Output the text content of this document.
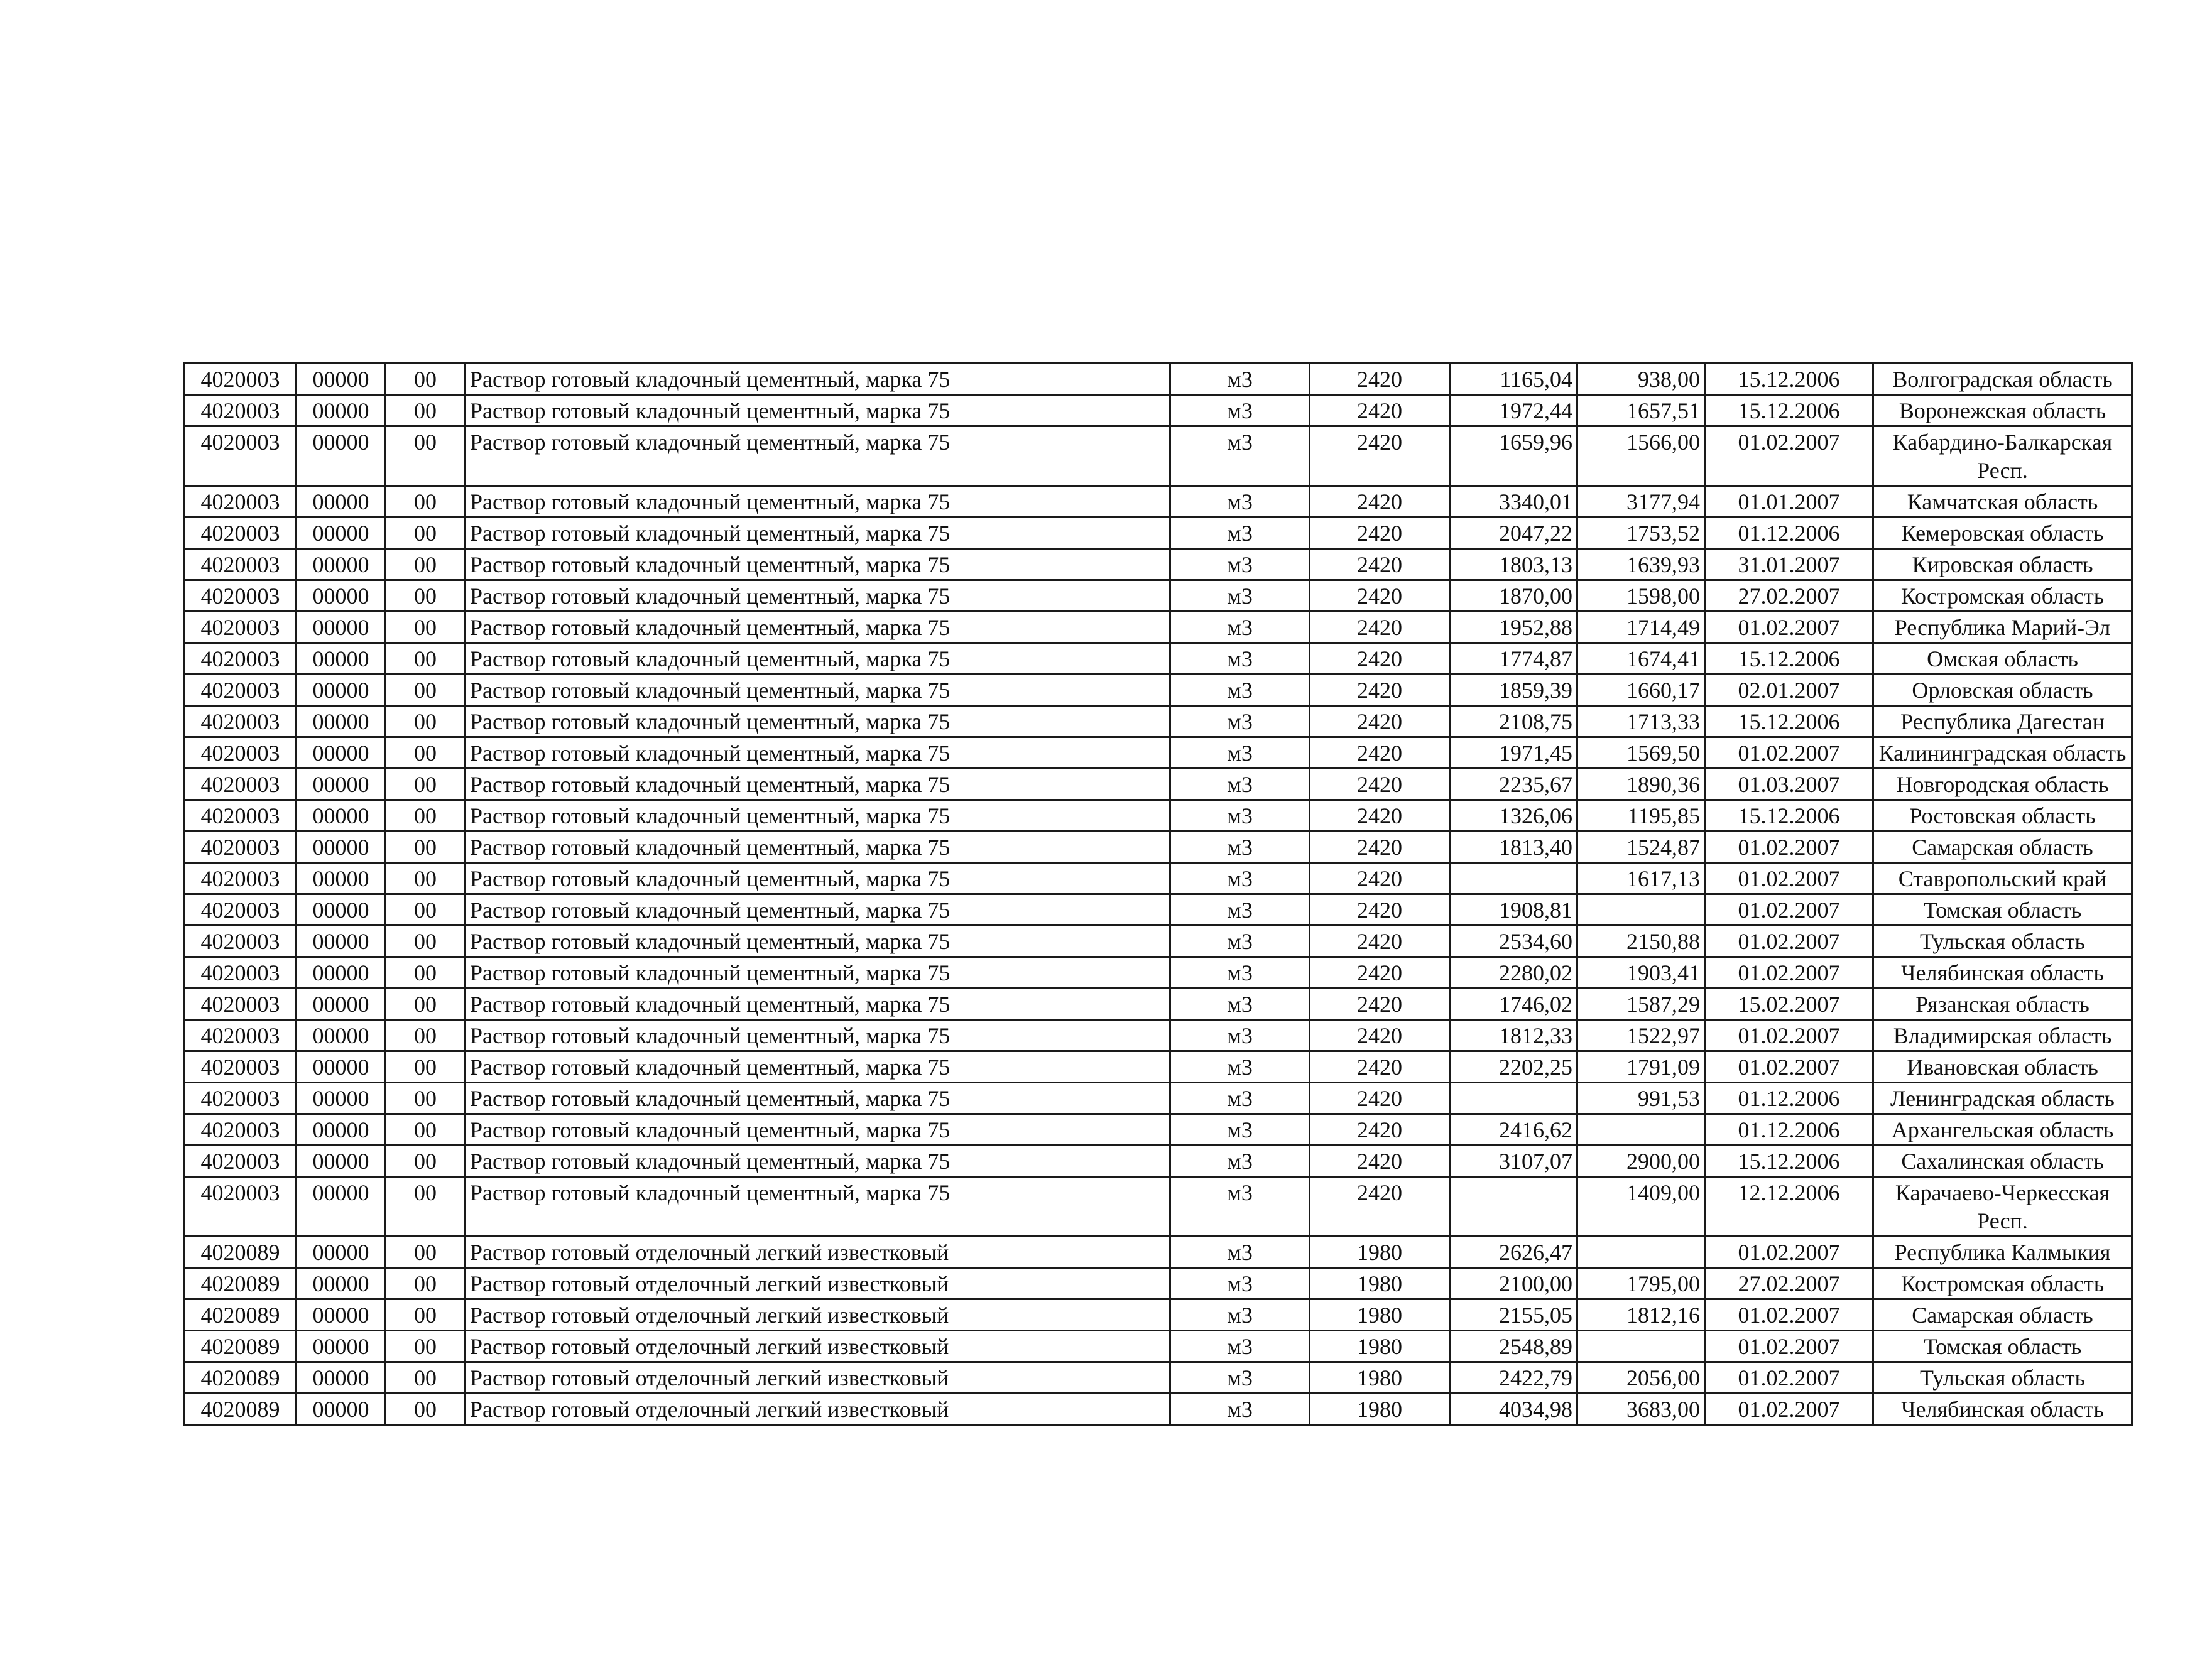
4020003	00000	00	Раствор готовый кладочный цементный, марка 75	м3	2420	1165,04	938,00	15.12.2006	Волгоградская область
4020003	00000	00	Раствор готовый кладочный цементный, марка 75	м3	2420	1972,44	1657,51	15.12.2006	Воронежская область
4020003	00000	00	Раствор готовый кладочный цементный, марка 75	м3	2420	1659,96	1566,00	01.02.2007	Кабардино-Балкарская Респ.
4020003	00000	00	Раствор готовый кладочный цементный, марка 75	м3	2420	3340,01	3177,94	01.01.2007	Камчатская область
4020003	00000	00	Раствор готовый кладочный цементный, марка 75	м3	2420	2047,22	1753,52	01.12.2006	Кемеровская область
4020003	00000	00	Раствор готовый кладочный цементный, марка 75	м3	2420	1803,13	1639,93	31.01.2007	Кировская область
4020003	00000	00	Раствор готовый кладочный цементный, марка 75	м3	2420	1870,00	1598,00	27.02.2007	Костромская область
4020003	00000	00	Раствор готовый кладочный цементный, марка 75	м3	2420	1952,88	1714,49	01.02.2007	Республика Марий-Эл
4020003	00000	00	Раствор готовый кладочный цементный, марка 75	м3	2420	1774,87	1674,41	15.12.2006	Омская область
4020003	00000	00	Раствор готовый кладочный цементный, марка 75	м3	2420	1859,39	1660,17	02.01.2007	Орловская область
4020003	00000	00	Раствор готовый кладочный цементный, марка 75	м3	2420	2108,75	1713,33	15.12.2006	Республика Дагестан
4020003	00000	00	Раствор готовый кладочный цементный, марка 75	м3	2420	1971,45	1569,50	01.02.2007	Калининградская область
4020003	00000	00	Раствор готовый кладочный цементный, марка 75	м3	2420	2235,67	1890,36	01.03.2007	Новгородская область
4020003	00000	00	Раствор готовый кладочный цементный, марка 75	м3	2420	1326,06	1195,85	15.12.2006	Ростовская область
4020003	00000	00	Раствор готовый кладочный цементный, марка 75	м3	2420	1813,40	1524,87	01.02.2007	Самарская область
4020003	00000	00	Раствор готовый кладочный цементный, марка 75	м3	2420		1617,13	01.02.2007	Ставропольский край
4020003	00000	00	Раствор готовый кладочный цементный, марка 75	м3	2420	1908,81		01.02.2007	Томская область
4020003	00000	00	Раствор готовый кладочный цементный, марка 75	м3	2420	2534,60	2150,88	01.02.2007	Тульская область
4020003	00000	00	Раствор готовый кладочный цементный, марка 75	м3	2420	2280,02	1903,41	01.02.2007	Челябинская область
4020003	00000	00	Раствор готовый кладочный цементный, марка 75	м3	2420	1746,02	1587,29	15.02.2007	Рязанская область
4020003	00000	00	Раствор готовый кладочный цементный, марка 75	м3	2420	1812,33	1522,97	01.02.2007	Владимирская область
4020003	00000	00	Раствор готовый кладочный цементный, марка 75	м3	2420	2202,25	1791,09	01.02.2007	Ивановская область
4020003	00000	00	Раствор готовый кладочный цементный, марка 75	м3	2420		991,53	01.12.2006	Ленинградская область
4020003	00000	00	Раствор готовый кладочный цементный, марка 75	м3	2420	2416,62		01.12.2006	Архангельская область
4020003	00000	00	Раствор готовый кладочный цементный, марка 75	м3	2420	3107,07	2900,00	15.12.2006	Сахалинская область
4020003	00000	00	Раствор готовый кладочный цементный, марка 75	м3	2420		1409,00	12.12.2006	Карачаево-Черкесская Респ.
4020089	00000	00	Раствор готовый отделочный легкий известковый	м3	1980	2626,47		01.02.2007	Республика Калмыкия
4020089	00000	00	Раствор готовый отделочный легкий известковый	м3	1980	2100,00	1795,00	27.02.2007	Костромская область
4020089	00000	00	Раствор готовый отделочный легкий известковый	м3	1980	2155,05	1812,16	01.02.2007	Самарская область
4020089	00000	00	Раствор готовый отделочный легкий известковый	м3	1980	2548,89		01.02.2007	Томская область
4020089	00000	00	Раствор готовый отделочный легкий известковый	м3	1980	2422,79	2056,00	01.02.2007	Тульская область
4020089	00000	00	Раствор готовый отделочный легкий известковый	м3	1980	4034,98	3683,00	01.02.2007	Челябинская область
